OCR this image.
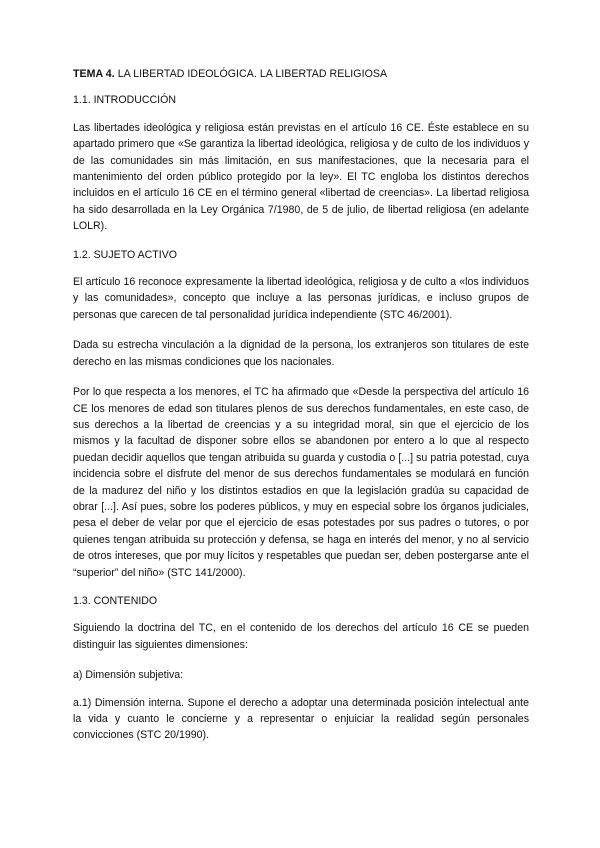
TEMA 4. LA LIBERTAD IDEOLÓGICA. LA LIBERTAD RELIGIOSA
1.1. INTRODUCCIÓN

Las libertades ideológica y religiosa están previstas en el artículo 16 CE. Éste establece en su apartado primero que «Se garantiza la libertad ideológica, religiosa y de culto de los individuos y de las comunidades sin más limitación, en sus manifestaciones, que la necesaria para el mantenimiento del orden público protegido por la ley». El TC engloba los distintos derechos incluidos en el artículo 16 CE en el término general «libertad de creencias». La libertad religiosa ha sido desarrollada en la Ley Orgánica 7/1980, de 5 de julio, de libertad religiosa (en adelante LOLR).

1.2. SUJETO ACTIVO

El artículo 16 reconoce expresamente la libertad ideológica, religiosa y de culto a «los individuos y las comunidades», concepto que incluye a las personas jurídicas, e incluso grupos de personas que carecen de tal personalidad jurídica independiente (STC 46/2001).

Dada su estrecha vinculación a la dignidad de la persona, los extranjeros son titulares de este derecho en las mismas condiciones que los nacionales.

Por lo que respecta a los menores, el TC ha afirmado que «Desde la perspectiva del artículo 16 CE los menores de edad son titulares plenos de sus derechos fundamentales, en este caso, de sus derechos a la libertad de creencias y a su integridad moral, sin que el ejercicio de los mismos y la facultad de disponer sobre ellos se abandonen por entero a lo que al respecto puedan decidir aquellos que tengan atribuida su guarda y custodia o [...] su patria potestad, cuya incidencia sobre el disfrute del menor de sus derechos fundamentales se modulará en función de la madurez del niño y los distintos estadios en que la legislación gradúa su capacidad de obrar [...]. Así pues, sobre los poderes públicos, y muy en especial sobre los órganos judiciales, pesa el deber de velar por que el ejercicio de esas potestades por sus padres o tutores, o por quienes tengan atribuida su protección y defensa, se haga en interés del menor, y no al servicio de otros intereses, que por muy lícitos y respetables que puedan ser, deben postergarse ante el “superior” del niño» (STC 141/2000).

1.3. CONTENIDO

Siguiendo la doctrina del TC, en el contenido de los derechos del artículo 16 CE se pueden distinguir las siguientes dimensiones:

a) Dimensión subjetiva:

a.1) Dimensión interna. Supone el derecho a adoptar una determinada posición intelectual ante la vida y cuanto le concierne y a representar o enjuiciar la realidad según personales convicciones (STC 20/1990).
